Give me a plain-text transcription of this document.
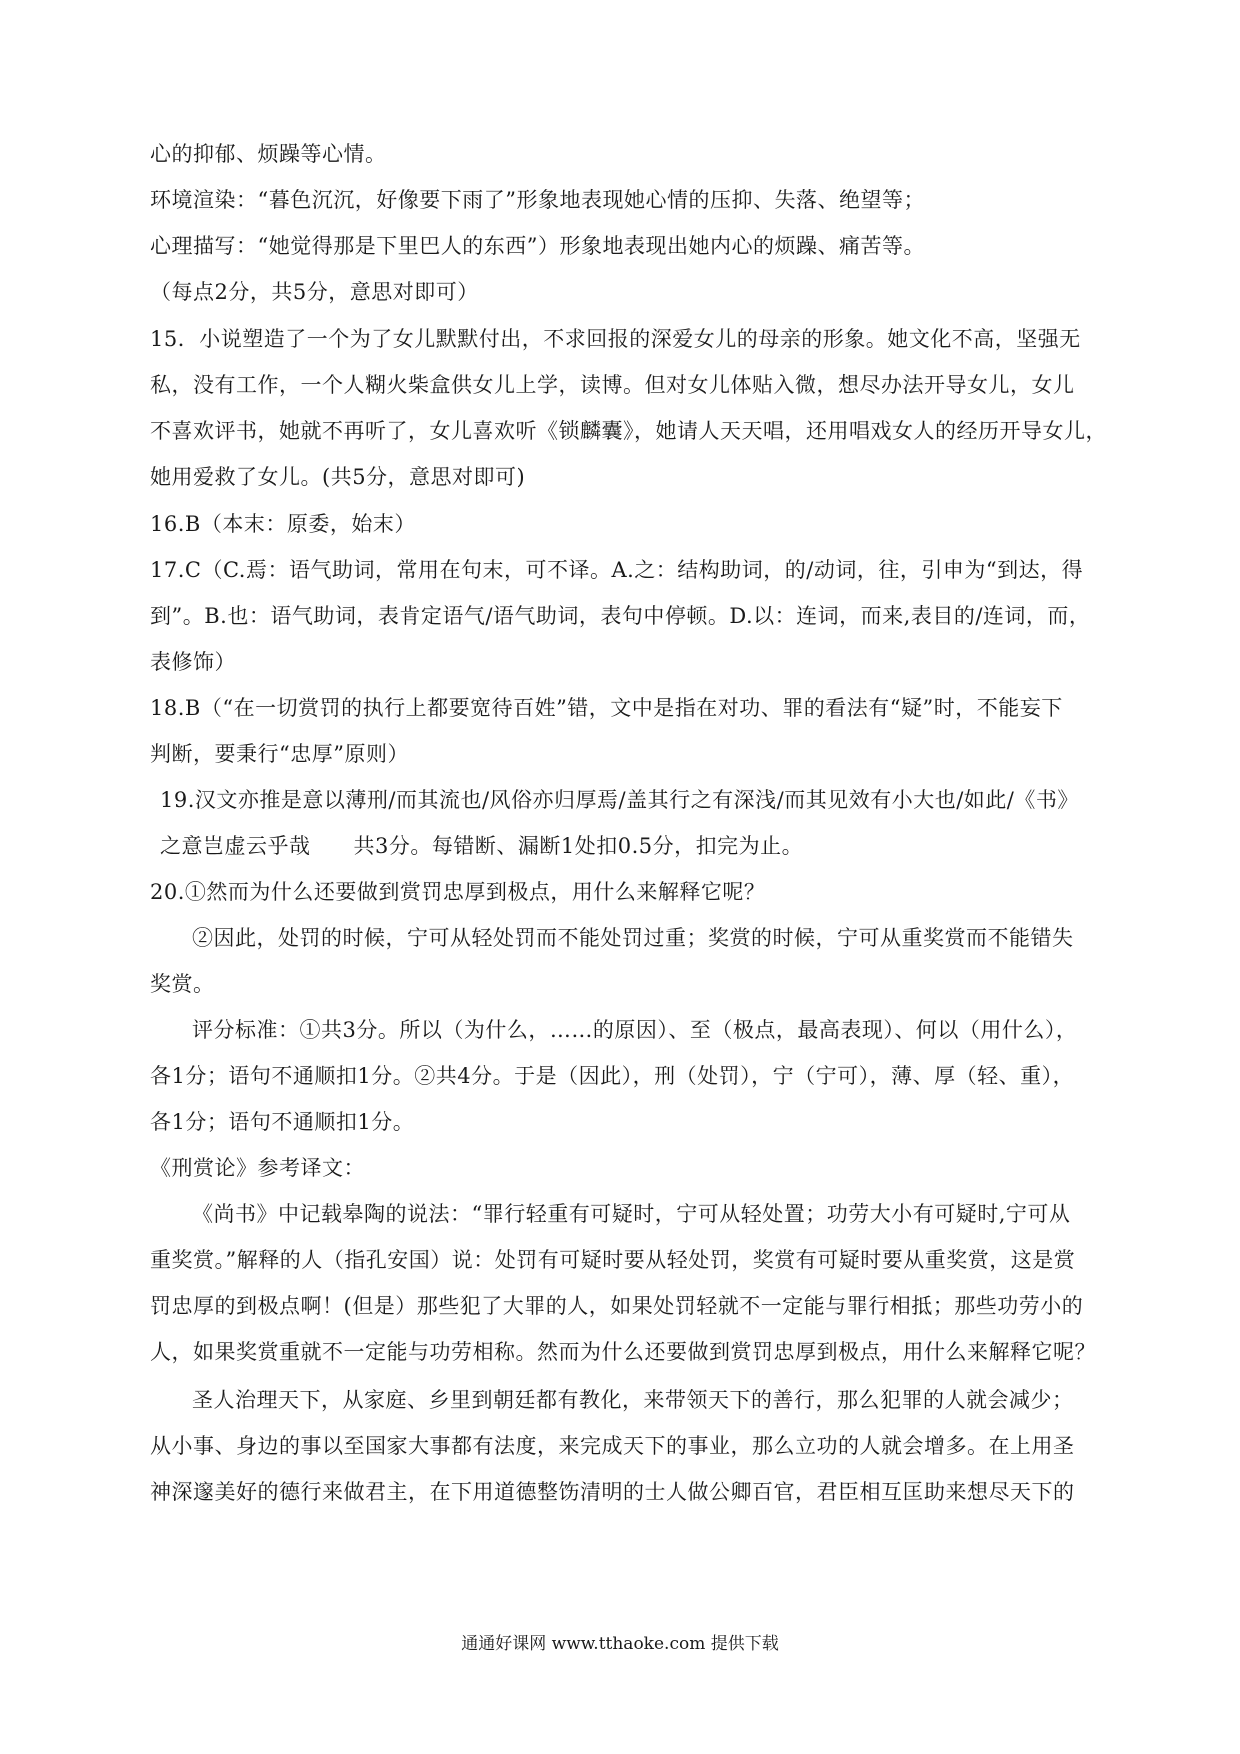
心的抑郁、烦躁等心情。
环境渲染：“暮色沉沉，好像要下雨了”形象地表现她心情的压抑、失落、绝望等；
心理描写：“她觉得那是下里巴人的东西”）形象地表现出她内心的烦躁、痛苦等。
（每点2分，共5分，意思对即可）
15．小说塑造了一个为了女儿默默付出，不求回报的深爱女儿的母亲的形象。她文化不高，坚强无
私，没有工作，一个人糊火柴盒供女儿上学，读博。但对女儿体贴入微，想尽办法开导女儿，女儿
不喜欢评书，她就不再听了，女儿喜欢听《锁麟囊》，她请人天天唱，还用唱戏女人的经历开导女儿，
她用爱救了女儿。(共5分，意思对即可)
16.B（本末：原委，始末）
17.C（C.焉：语气助词，常用在句末，可不译。A.之：结构助词，的/动词，往，引申为“到达，得
到”。B.也：语气助词，表肯定语气/语气助词，表句中停顿。D.以：连词，而来,表目的/连词，而，
表修饰）
18.B（“在一切赏罚的执行上都要宽待百姓”错，文中是指在对功、罪的看法有“疑”时，不能妄下
判断，要秉行“忠厚”原则）
19.汉文亦推是意以薄刑/而其流也/风俗亦归厚焉/盖其行之有深浅/而其见效有小大也/如此/《书》
之意岂虚云乎哉　　共3分。每错断、漏断1处扣0.5分，扣完为止。
20.①然而为什么还要做到赏罚忠厚到极点，用什么来解释它呢？
②因此，处罚的时候，宁可从轻处罚而不能处罚过重；奖赏的时候，宁可从重奖赏而不能错失
奖赏。
评分标准：①共3分。所以（为什么，……的原因）、至（极点，最高表现）、何以（用什么），
各1分；语句不通顺扣1分。②共4分。于是（因此），刑（处罚），宁（宁可），薄、厚（轻、重），
各1分；语句不通顺扣1分。
《刑赏论》参考译文：
《尚书》中记载皋陶的说法：“罪行轻重有可疑时，宁可从轻处置；功劳大小有可疑时,宁可从
重奖赏。”解释的人（指孔安国）说：处罚有可疑时要从轻处罚，奖赏有可疑时要从重奖赏，这是赏
罚忠厚的到极点啊！(但是）那些犯了大罪的人，如果处罚轻就不一定能与罪行相抵；那些功劳小的
人，如果奖赏重就不一定能与功劳相称。然而为什么还要做到赏罚忠厚到极点，用什么来解释它呢？
圣人治理天下，从家庭、乡里到朝廷都有教化，来带领天下的善行，那么犯罪的人就会减少；
从小事、身边的事以至国家大事都有法度，来完成天下的事业，那么立功的人就会增多。在上用圣
神深邃美好的德行来做君主，在下用道德整饬清明的士人做公卿百官，君臣相互匡助来想尽天下的
通通好课网 www.tthaoke.com 提供下载
